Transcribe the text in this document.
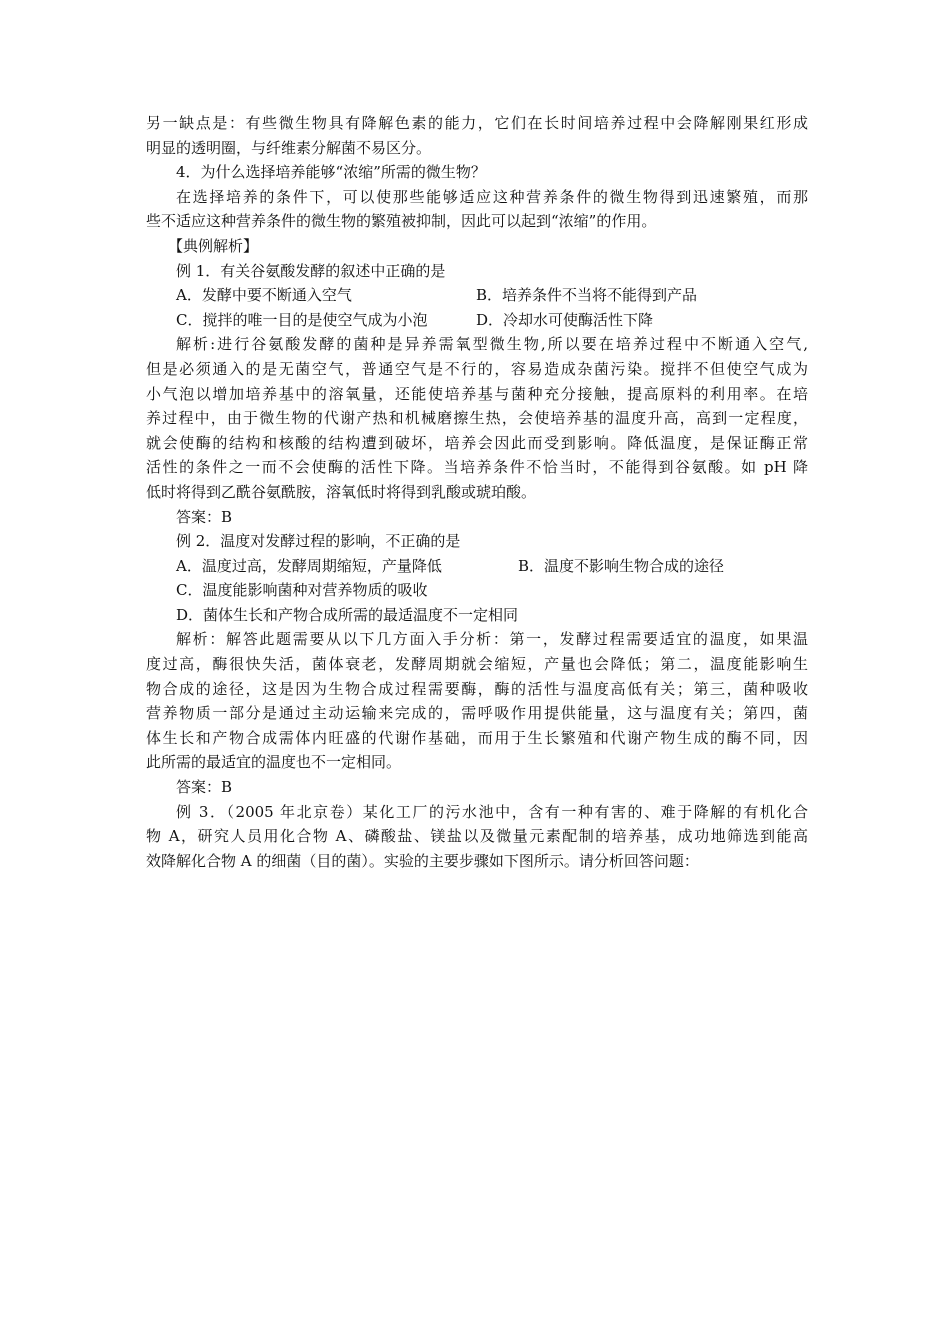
另一缺点是：有些微生物具有降解色素的能力，它们在长时间培养过程中会降解刚果红形成
明显的透明圈，与纤维素分解菌不易区分。
4．为什么选择培养能够“浓缩”所需的微生物？
在选择培养的条件下，可以使那些能够适应这种营养条件的微生物得到迅速繁殖，而那
些不适应这种营养条件的微生物的繁殖被抑制，因此可以起到“浓缩”的作用。
【典例解析】
例 1．有关谷氨酸发酵的叙述中正确的是
A．发酵中要不断通入空气	B．培养条件不当将不能得到产品
C．搅拌的唯一目的是使空气成为小泡	D．冷却水可使酶活性下降
解析:进行谷氨酸发酵的菌种是异养需氧型微生物,所以要在培养过程中不断通入空气,
但是必须通入的是无菌空气，普通空气是不行的，容易造成杂菌污染。搅拌不但使空气成为
小气泡以增加培养基中的溶氧量，还能使培养基与菌种充分接触，提高原料的利用率。在培
养过程中，由于微生物的代谢产热和机械磨擦生热，会使培养基的温度升高，高到一定程度，
就会使酶的结构和核酸的结构遭到破坏，培养会因此而受到影响。降低温度，是保证酶正常
活性的条件之一而不会使酶的活性下降。当培养条件不恰当时，不能得到谷氨酸。如 pH 降
低时将得到乙酰谷氨酰胺，溶氧低时将得到乳酸或琥珀酸。
答案：B
例 2．温度对发酵过程的影响，不正确的是
A．温度过高，发酵周期缩短，产量降低	B．温度不影响生物合成的途径
C．温度能影响菌种对营养物质的吸收
D．菌体生长和产物合成所需的最适温度不一定相同
解析：解答此题需要从以下几方面入手分析：第一，发酵过程需要适宜的温度，如果温
度过高，酶很快失活，菌体衰老，发酵周期就会缩短，产量也会降低；第二，温度能影响生
物合成的途径，这是因为生物合成过程需要酶，酶的活性与温度高低有关；第三，菌种吸收
营养物质一部分是通过主动运输来完成的，需呼吸作用提供能量，这与温度有关；第四，菌
体生长和产物合成需体内旺盛的代谢作基础，而用于生长繁殖和代谢产物生成的酶不同，因
此所需的最适宜的温度也不一定相同。
答案：B
例 3．（2005 年北京卷）某化工厂的污水池中，含有一种有害的、难于降解的有机化合
物 A，研究人员用化合物 A、磷酸盐、镁盐以及微量元素配制的培养基，成功地筛选到能高
效降解化合物 A 的细菌（目的菌）。实验的主要步骤如下图所示。请分析回答问题：
